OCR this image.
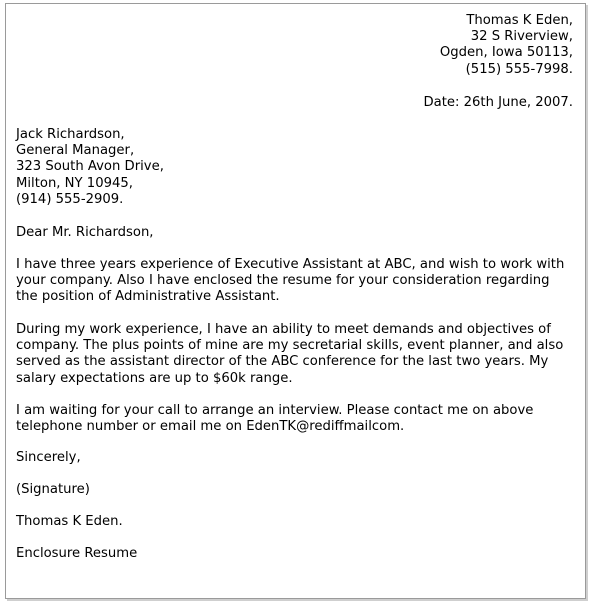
Thomas K Eden,
32 S Riverview,
Ogden, Iowa 50113,
(515) 555-7998.
Date: 26th June, 2007.
Jack Richardson,
General Manager,
323 South Avon Drive,
Milton, NY 10945,
(914) 555-2909.
Dear Mr. Richardson,
I have three years experience of Executive Assistant at ABC, and wish to work with
your company. Also I have enclosed the resume for your consideration regarding
the position of Administrative Assistant.
During my work experience, I have an ability to meet demands and objectives of
company. The plus points of mine are my secretarial skills, event planner, and also
served as the assistant director of the ABC conference for the last two years. My
salary expectations are up to $60k range.
I am waiting for your call to arrange an interview. Please contact me on above
telephone number or email me on EdenTK@rediffmailcom.
Sincerely,
(Signature)
Thomas K Eden.
Enclosure Resume
